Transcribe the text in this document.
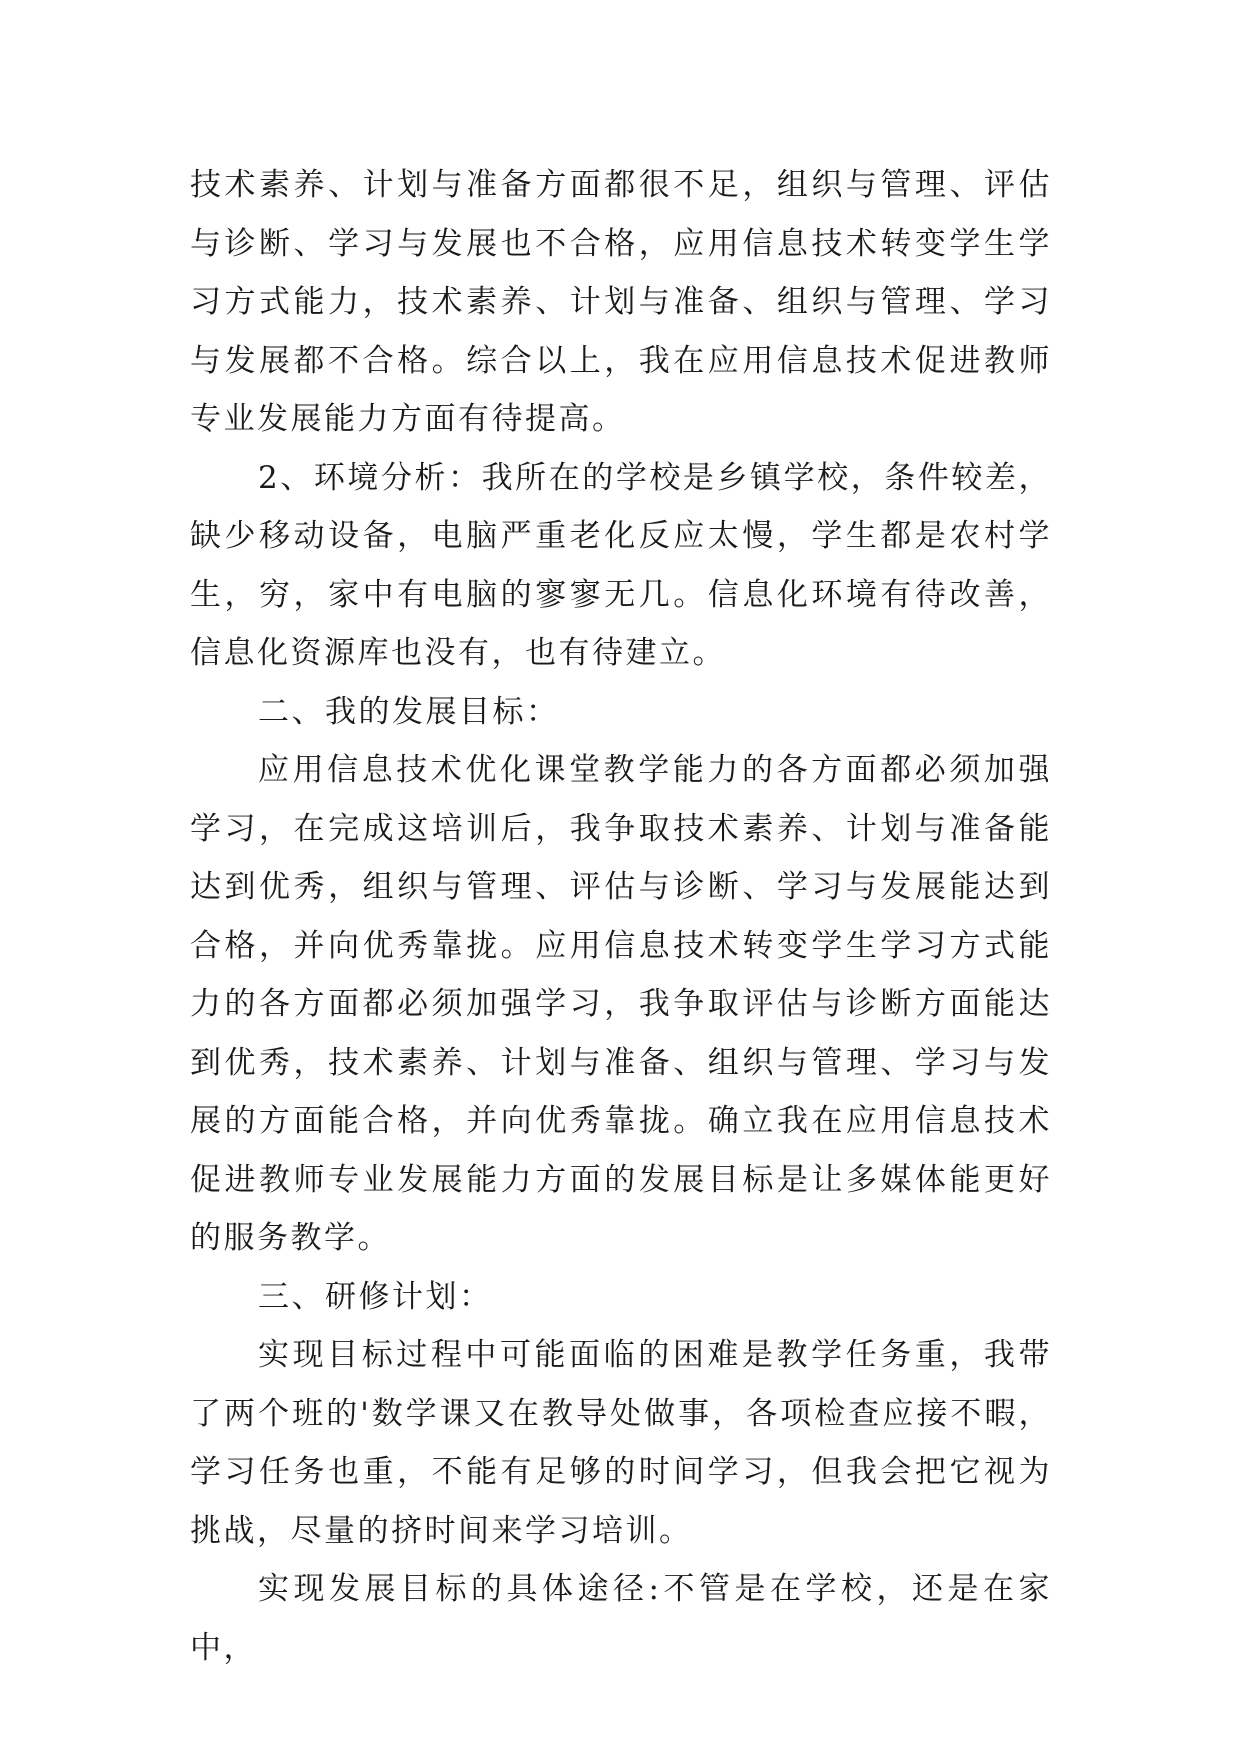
技术素养、计划与准备方面都很不足，组织与管理、评估与诊断、学习与发展也不合格，应用信息技术转变学生学习方式能力，技术素养、计划与准备、组织与管理、学习与发展都不合格。综合以上，我在应用信息技术促进教师专业发展能力方面有待提高。

2、环境分析：我所在的学校是乡镇学校，条件较差，缺少移动设备，电脑严重老化反应太慢，学生都是农村学生，穷，家中有电脑的寥寥无几。信息化环境有待改善，信息化资源库也没有，也有待建立。

二、我的发展目标：

应用信息技术优化课堂教学能力的各方面都必须加强学习，在完成这培训后，我争取技术素养、计划与准备能达到优秀，组织与管理、评估与诊断、学习与发展能达到合格，并向优秀靠拢。应用信息技术转变学生学习方式能力的各方面都必须加强学习，我争取评估与诊断方面能达到优秀，技术素养、计划与准备、组织与管理、学习与发展的方面能合格，并向优秀靠拢。确立我在应用信息技术促进教师专业发展能力方面的发展目标是让多媒体能更好的服务教学。

三、研修计划：

实现目标过程中可能面临的困难是教学任务重，我带了两个班的'数学课又在教导处做事，各项检查应接不暇，学习任务也重，不能有足够的时间学习，但我会把它视为挑战，尽量的挤时间来学习培训。

实现发展目标的具体途径:不管是在学校，还是在家中，
